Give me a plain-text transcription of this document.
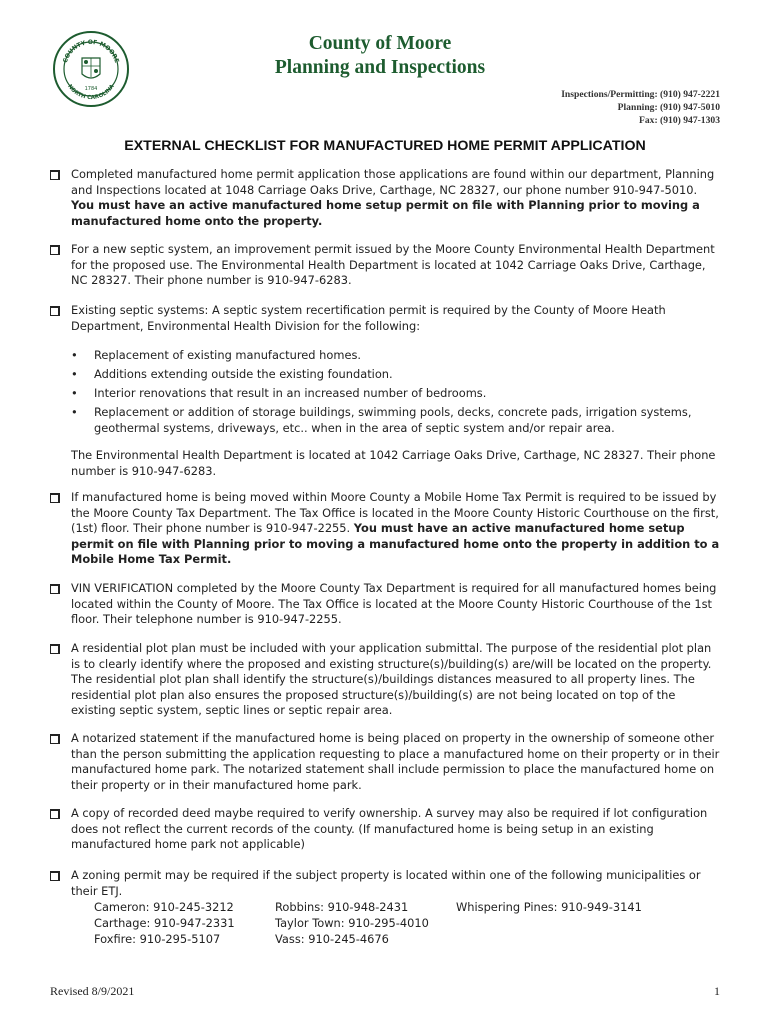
COUNTY OF MOORE
NORTH CAROLINA
1784
County of Moore
Planning and Inspections
Inspections/Permitting: (910) 947-2221
Planning: (910) 947-5010
Fax: (910) 947-1303
EXTERNAL CHECKLIST FOR MANUFACTURED HOME PERMIT APPLICATION
Completed manufactured home permit application those applications are found within our department, Planning and Inspections located at 1048 Carriage Oaks Drive, Carthage, NC 28327, our phone number 910-947-5010. You must have an active manufactured home setup permit on file with Planning prior to moving a manufactured home onto the property.
For a new septic system, an improvement permit issued by the Moore County Environmental Health Department for the proposed use. The Environmental Health Department is located at 1042 Carriage Oaks Drive, Carthage, NC 28327. Their phone number is 910-947-6283.
Existing septic systems: A septic system recertification permit is required by the County of Moore Heath Department, Environmental Health Division for the following:
• Replacement of existing manufactured homes.
• Additions extending outside the existing foundation.
• Interior renovations that result in an increased number of bedrooms.
• Replacement or addition of storage buildings, swimming pools, decks, concrete pads, irrigation systems, geothermal systems, driveways, etc.. when in the area of septic system and/or repair area.
The Environmental Health Department is located at 1042 Carriage Oaks Drive, Carthage, NC 28327. Their phone number is 910-947-6283.
If manufactured home is being moved within Moore County a Mobile Home Tax Permit is required to be issued by the Moore County Tax Department. The Tax Office is located in the Moore County Historic Courthouse on the first, (1st) floor. Their phone number is 910-947-2255. You must have an active manufactured home setup permit on file with Planning prior to moving a manufactured home onto the property in addition to a Mobile Home Tax Permit.
VIN VERIFICATION completed by the Moore County Tax Department is required for all manufactured homes being located within the County of Moore. The Tax Office is located at the Moore County Historic Courthouse of the 1st floor. Their telephone number is 910-947-2255.
A residential plot plan must be included with your application submittal. The purpose of the residential plot plan is to clearly identify where the proposed and existing structure(s)/building(s) are/will be located on the property. The residential plot plan shall identify the structure(s)/buildings distances measured to all property lines. The residential plot plan also ensures the proposed structure(s)/building(s) are not being located on top of the existing septic system, septic lines or septic repair area.
A notarized statement if the manufactured home is being placed on property in the ownership of someone other than the person submitting the application requesting to place a manufactured home on their property or in their manufactured home park. The notarized statement shall include permission to place the manufactured home on their property or in their manufactured home park.
A copy of recorded deed maybe required to verify ownership. A survey may also be required if lot configuration does not reflect the current records of the county. (If manufactured home is being setup in an existing manufactured home park not applicable)
A zoning permit may be required if the subject property is located within one of the following municipalities or their ETJ.
Cameron: 910-245-3212	Robbins: 910-948-2431	Whispering Pines: 910-949-3141
Carthage: 910-947-2331	Taylor Town: 910-295-4010
Foxfire: 910-295-5107	Vass: 910-245-4676
Revised 8/9/2021	1
